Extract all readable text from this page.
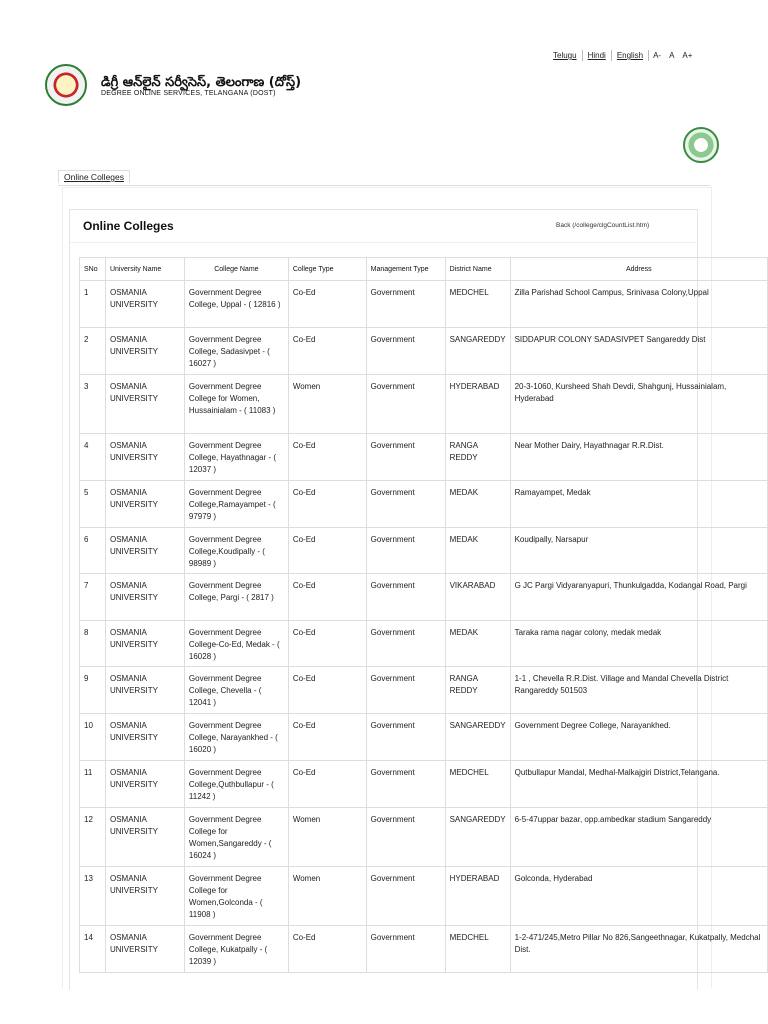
Telugu	Hindi	English	A-	A	A+
డిగ్రీ ఆన్‌లైన్ సర్వీసెస్, తెలంగాణ (దోస్త్)
DEGREE ONLINE SERVICES, TELANGANA (DOST)
Online Colleges
Online Colleges	Back (/college/clgCountList.htm)
SNo	University Name	College Name	College Type	Management Type	District Name	Address
1	OSMANIA UNIVERSITY	Government Degree College, Uppal - ( 12816 )	Co-Ed	Government	MEDCHEL	Zilla Parishad School Campus, Srinivasa Colony,Uppal
2	OSMANIA UNIVERSITY	Government Degree College, Sadasivpet - ( 16027 )	Co-Ed	Government	SANGAREDDY	SIDDAPUR COLONY SADASIVPET Sangareddy Dist
3	OSMANIA UNIVERSITY	Government Degree College for Women, Hussainialam - ( 11083 )	Women	Government	HYDERABAD	20-3-1060, Kursheed Shah Devdi, Shahgunj, Hussainialam, Hyderabad
4	OSMANIA UNIVERSITY	Government Degree College, Hayathnagar - ( 12037 )	Co-Ed	Government	RANGA REDDY	Near Mother Dairy, Hayathnagar R.R.Dist.
5	OSMANIA UNIVERSITY	Government Degree College,Ramayampet - ( 97979 )	Co-Ed	Government	MEDAK	Ramayampet, Medak
6	OSMANIA UNIVERSITY	Government Degree College,Koudipally - ( 98989 )	Co-Ed	Government	MEDAK	Koudipally, Narsapur
7	OSMANIA UNIVERSITY	Government Degree College, Pargi - ( 2817 )	Co-Ed	Government	VIKARABAD	G JC Pargi Vidyaranyapuri, Thunkulgadda, Kodangal Road, Pargi
8	OSMANIA UNIVERSITY	Government Degree College-Co-Ed, Medak - ( 16028 )	Co-Ed	Government	MEDAK	Taraka rama nagar colony, medak medak
9	OSMANIA UNIVERSITY	Government Degree College, Chevella - ( 12041 )	Co-Ed	Government	RANGA REDDY	1-1 , Chevella R.R.Dist. Village and Mandal Chevella District Rangareddy 501503
10	OSMANIA UNIVERSITY	Government Degree College, Narayankhed - ( 16020 )	Co-Ed	Government	SANGAREDDY	Government Degree College, Narayankhed.
11	OSMANIA UNIVERSITY	Government Degree College,Quthbullapur - ( 11242 )	Co-Ed	Government	MEDCHEL	Qutbullapur Mandal, Medhal-Malkajgiri District,Telangana.
12	OSMANIA UNIVERSITY	Government Degree College for Women,Sangareddy - ( 16024 )	Women	Government	SANGAREDDY	6-5-47uppar bazar, opp.ambedkar stadium Sangareddy
13	OSMANIA UNIVERSITY	Government Degree College for Women,Golconda - ( 11908 )	Women	Government	HYDERABAD	Golconda, Hyderabad
14	OSMANIA UNIVERSITY	Government Degree College, Kukatpally - ( 12039 )	Co-Ed	Government	MEDCHEL	1-2-471/245,Metro Pillar No 826,Sangeethnagar, Kukatpally, Medchal Dist.
